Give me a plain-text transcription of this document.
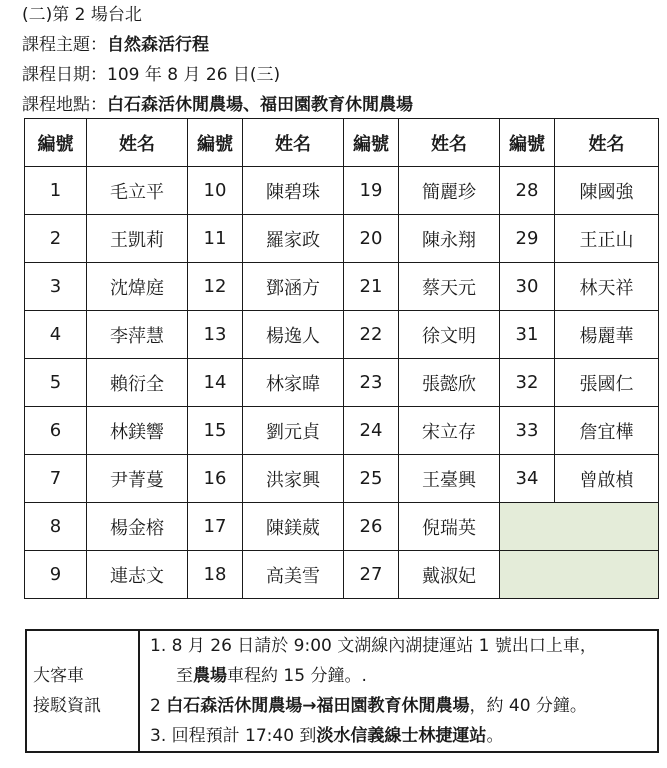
(二)第 2 場台北
課程主題：自然森活行程
課程日期：109 年 8 月 26 日(三)
課程地點：白石森活休閒農場、福田園教育休閒農場
編號	姓名	編號	姓名	編號	姓名	編號	姓名
1	毛立平	10	陳碧珠	19	簡麗珍	28	陳國強
2	王凱莉	11	羅家政	20	陳永翔	29	王正山
3	沈煒庭	12	鄧涵方	21	蔡天元	30	林天祥
4	李萍慧	13	楊逸人	22	徐文明	31	楊麗華
5	賴衍全	14	林家暐	23	張懿欣	32	張國仁
6	林鎂響	15	劉元貞	24	宋立存	33	詹宜樺
7	尹菁蔓	16	洪家興	25	王臺興	34	曾啟楨
8	楊金榕	17	陳鎂葳	26	倪瑞英		
9	連志文	18	高美雪	27	戴淑妃		
大客車
接駁資訊

1. 8 月 26 日請於 9:00 文湖線內湖捷運站 1 號出口上車，
至農場車程約 15 分鐘。.
2 白石森活休閒農場→福田園教育休閒農場，約 40 分鐘。
3. 回程預計 17:40 到淡水信義線士林捷運站。
